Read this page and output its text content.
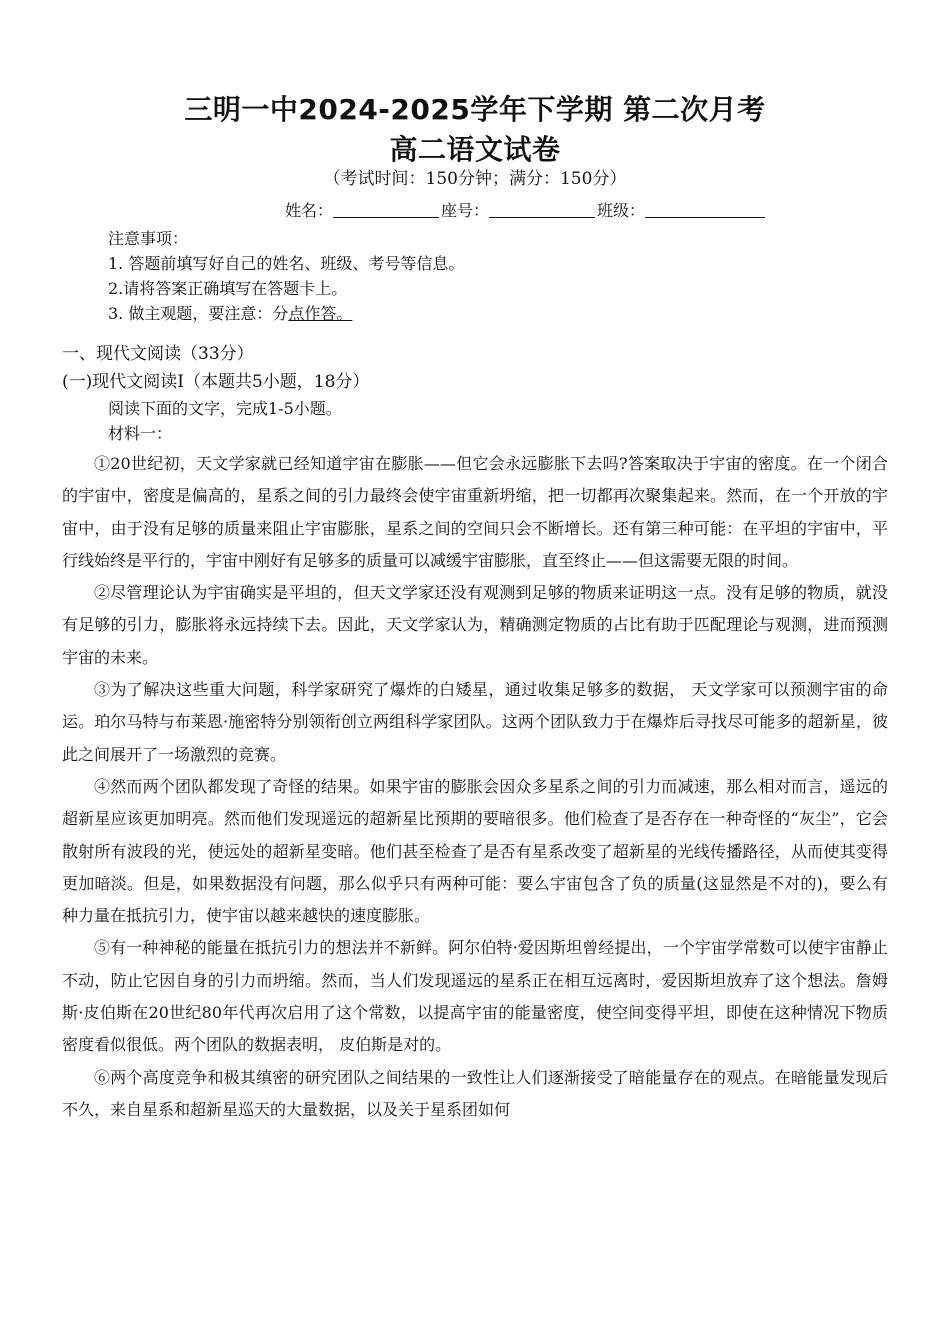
三明一中2024-2025学年下学期 第二次月考
高二语文试卷
（考试时间：150分钟；满分：150分）
姓名：	座号：	班级：
注意事项：
1. 答题前填写好自己的姓名、班级、考号等信息。
2.请将答案正确填写在答题卡上。
3. 做主观题，要注意：分点作答。
一、现代文阅读（33分）
(一)现代文阅读Ⅰ（本题共5小题，18分）
阅读下面的文字，完成1-5小题。
材料一：

①20世纪初，天文学家就已经知道宇宙在膨胀——但它会永远膨胀下去吗?答案取决于宇宙的密度。在一个闭合的宇宙中，密度是偏高的，星系之间的引力最终会使宇宙重新坍缩，把一切都再次聚集起来。然而，在一个开放的宇宙中，由于没有足够的质量来阻止宇宙膨胀，星系之间的空间只会不断增长。还有第三种可能：在平坦的宇宙中，平行线始终是平行的，宇宙中刚好有足够多的质量可以减缓宇宙膨胀，直至终止——但这需要无限的时间。

②尽管理论认为宇宙确实是平坦的，但天文学家还没有观测到足够的物质来证明这一点。没有足够的物质，就没有足够的引力，膨胀将永远持续下去。因此，天文学家认为，精确测定物质的占比有助于匹配理论与观测，进而预测宇宙的未来。

③为了解决这些重大问题，科学家研究了爆炸的白矮星，通过收集足够多的数据， 天文学家可以预测宇宙的命运。珀尔马特与布莱恩·施密特分别领衔创立两组科学家团队。这两个团队致力于在爆炸后寻找尽可能多的超新星，彼此之间展开了一场激烈的竞赛。

④然而两个团队都发现了奇怪的结果。如果宇宙的膨胀会因众多星系之间的引力而减速，那么相对而言，遥远的超新星应该更加明亮。然而他们发现遥远的超新星比预期的要暗很多。他们检查了是否存在一种奇怪的“灰尘”，它会散射所有波段的光，使远处的超新星变暗。他们甚至检查了是否有星系改变了超新星的光线传播路径，从而使其变得更加暗淡。但是，如果数据没有问题，那么似乎只有两种可能：要么宇宙包含了负的质量(这显然是不对的)，要么有种力量在抵抗引力，使宇宙以越来越快的速度膨胀。

⑤有一种神秘的能量在抵抗引力的想法并不新鲜。阿尔伯特·爱因斯坦曾经提出，一个宇宙学常数可以使宇宙静止不动，防止它因自身的引力而坍缩。然而，当人们发现遥远的星系正在相互远离时，爱因斯坦放弃了这个想法。詹姆斯·皮伯斯在20世纪80年代再次启用了这个常数，以提高宇宙的能量密度，使空间变得平坦，即使在这种情况下物质密度看似很低。两个团队的数据表明， 皮伯斯是对的。

⑥两个高度竞争和极其缜密的研究团队之间结果的一致性让人们逐渐接受了暗能量存在的观点。在暗能量发现后不久，来自星系和超新星巡天的大量数据，以及关于星系团如何
